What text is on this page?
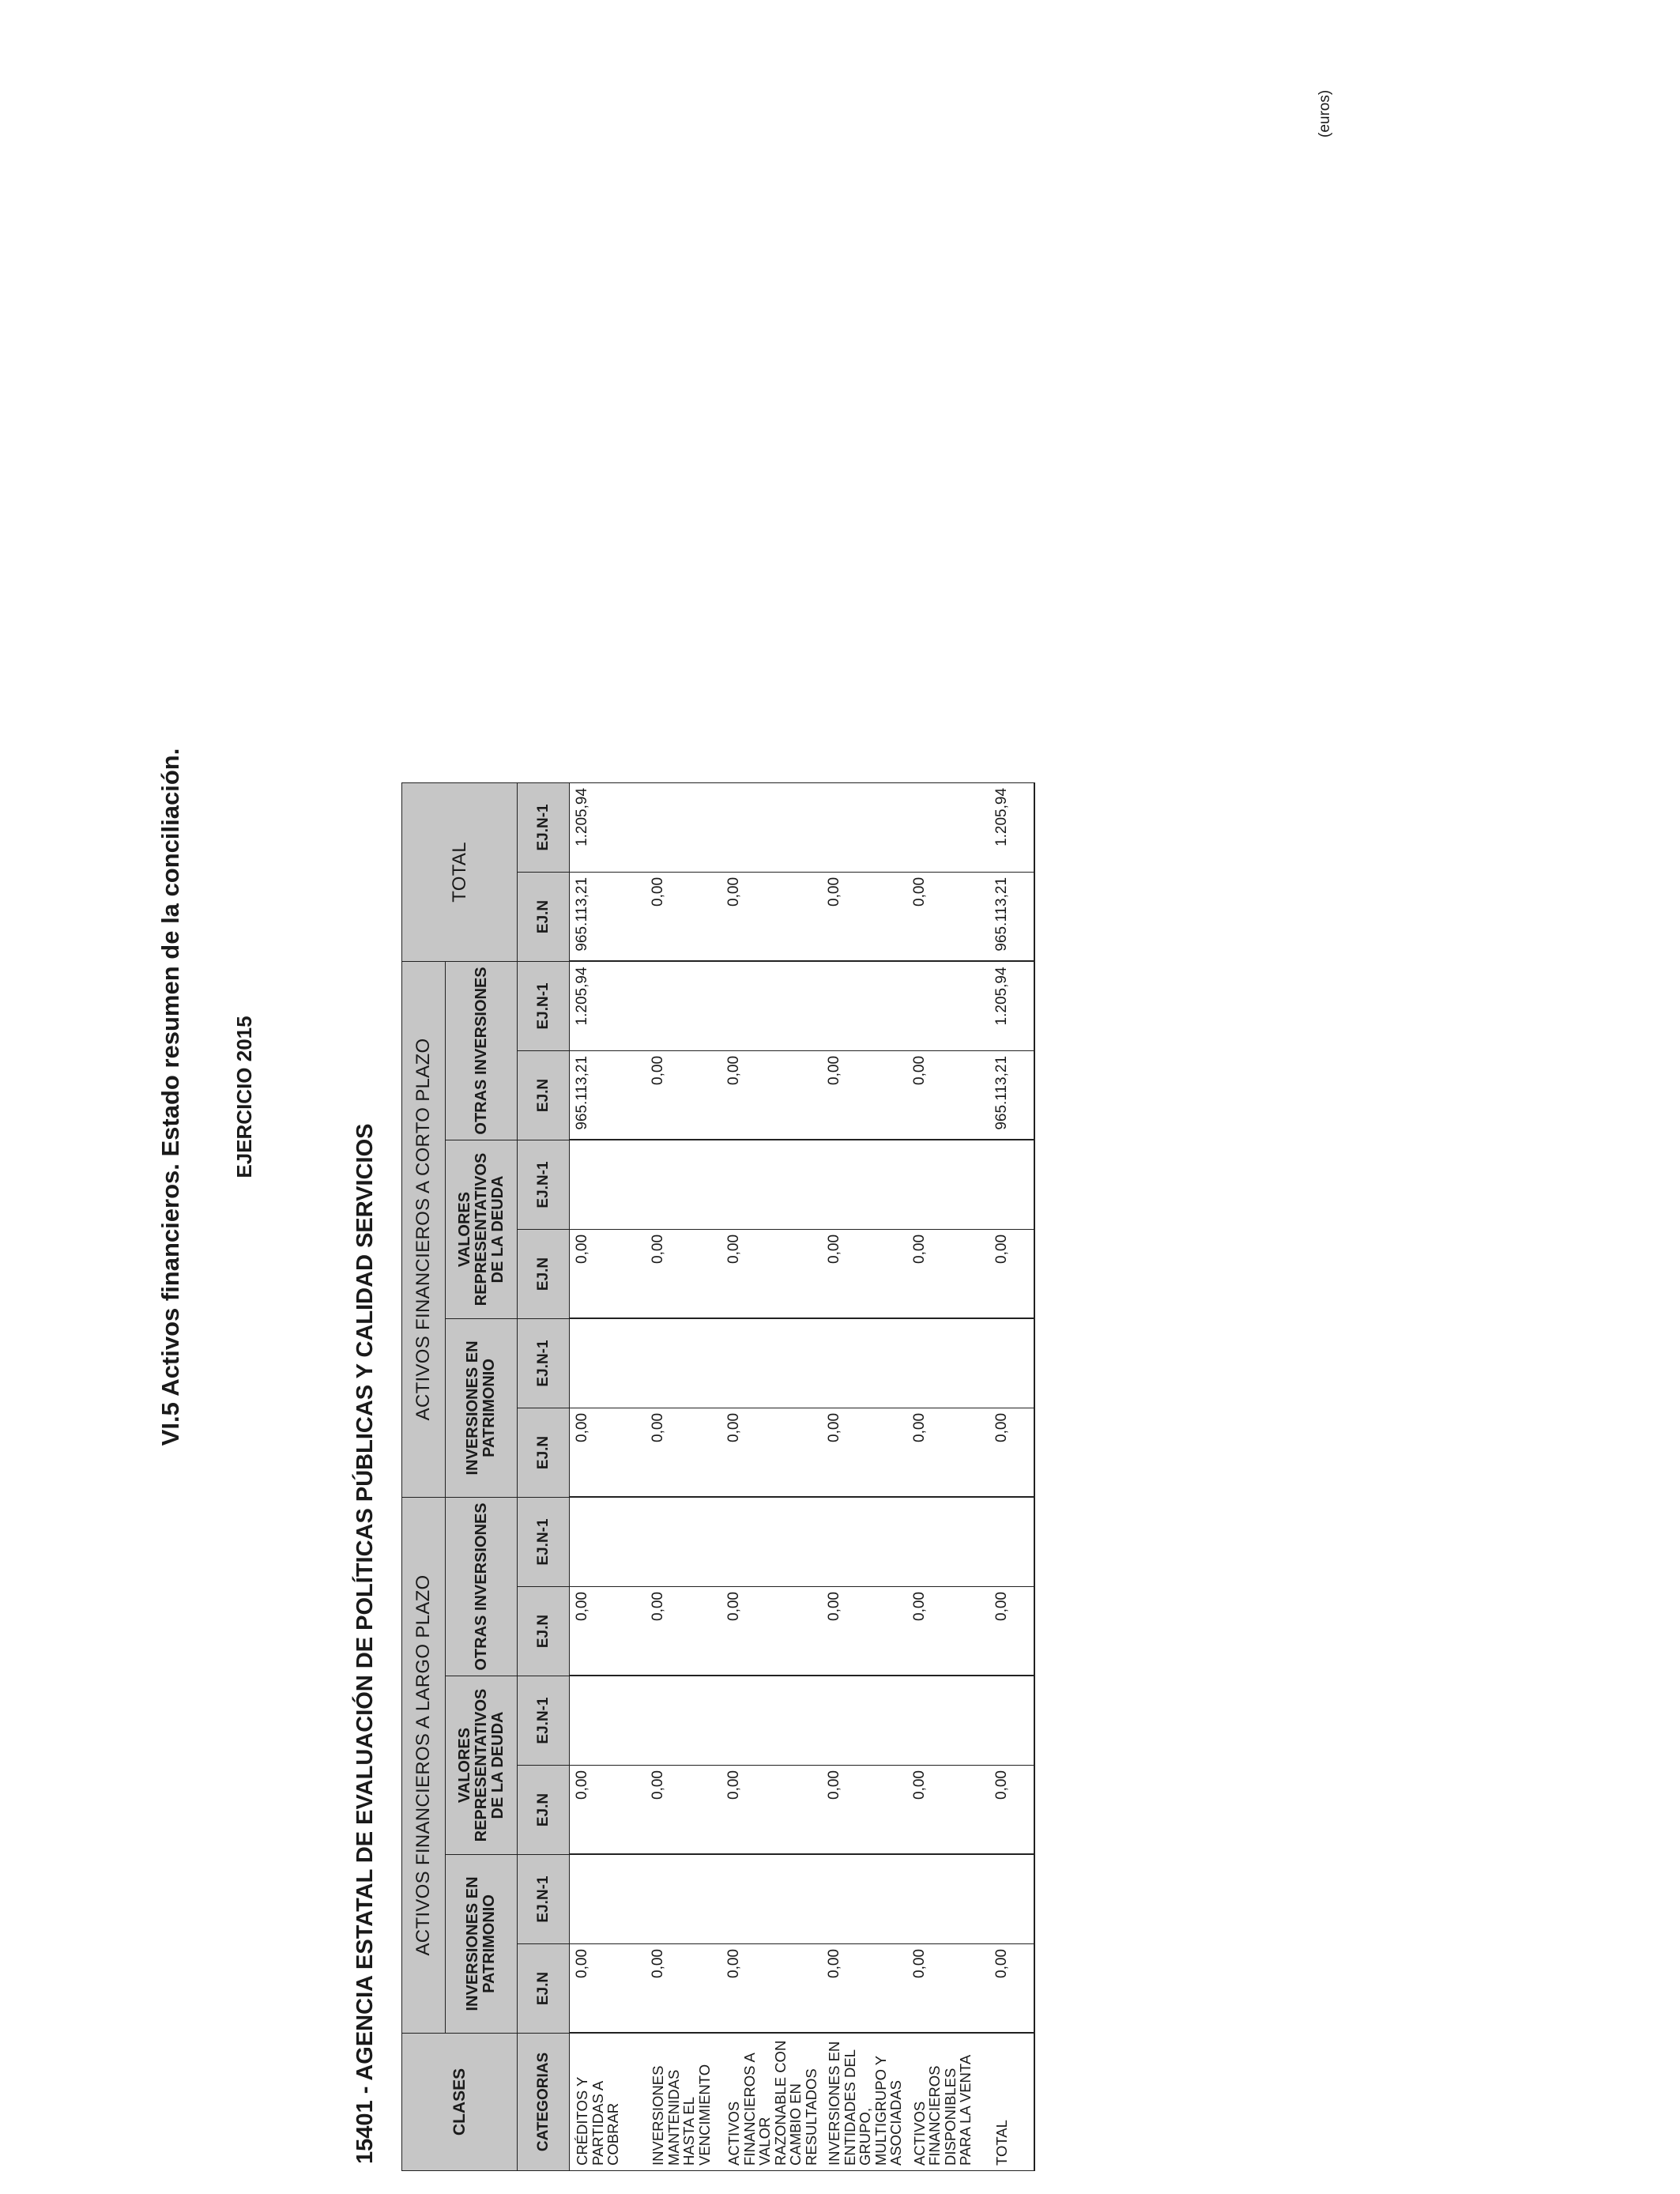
VI.5 Activos financieros. Estado resumen de la conciliación. EJERCICIO 2015
15401 - AGENCIA ESTATAL DE EVALUACIÓN DE POLÍTICAS PÚBLICAS Y CALIDAD SERVICIOS
(euros)
CLASES	ACTIVOS FINANCIEROS A LARGO PLAZO						ACTIVOS FINANCIEROS A CORTO PLAZO						TOTAL	
	INVERSIONES EN PATRIMONIO		VALORES REPRESENTATIVOS DE LA DEUDA		OTRAS INVERSIONES		INVERSIONES EN PATRIMONIO		VALORES REPRESENTATIVOS DE LA DEUDA		OTRAS INVERSIONES			
CATEGORIAS	EJ.N	EJ.N-1	EJ.N	EJ.N-1	EJ.N	EJ.N-1	EJ.N	EJ.N-1	EJ.N	EJ.N-1	EJ.N	EJ.N-1	EJ.N	EJ.N-1
CRÉDITOS Y PARTIDAS A COBRAR	0,00		0,00		0,00		0,00		0,00		965.113,21	1.205,94	965.113,21	1.205,94
INVERSIONES MANTENIDAS HASTA EL VENCIMIENTO	0,00		0,00		0,00		0,00		0,00		0,00		0,00	
ACTIVOS FINANCIEROS A VALOR RAZONABLE CON CAMBIO EN RESULTADOS	0,00		0,00		0,00		0,00		0,00		0,00		0,00	
INVERSIONES EN ENTIDADES DEL GRUPO, MULTIGRUPO Y ASOCIADAS	0,00		0,00		0,00		0,00		0,00		0,00		0,00	
ACTIVOS FINANCIEROS DISPONIBLES PARA LA VENTA	0,00		0,00		0,00		0,00		0,00		0,00		0,00	
TOTAL	0,00		0,00		0,00		0,00		0,00		965.113,21	1.205,94	965.113,21	1.205,94
